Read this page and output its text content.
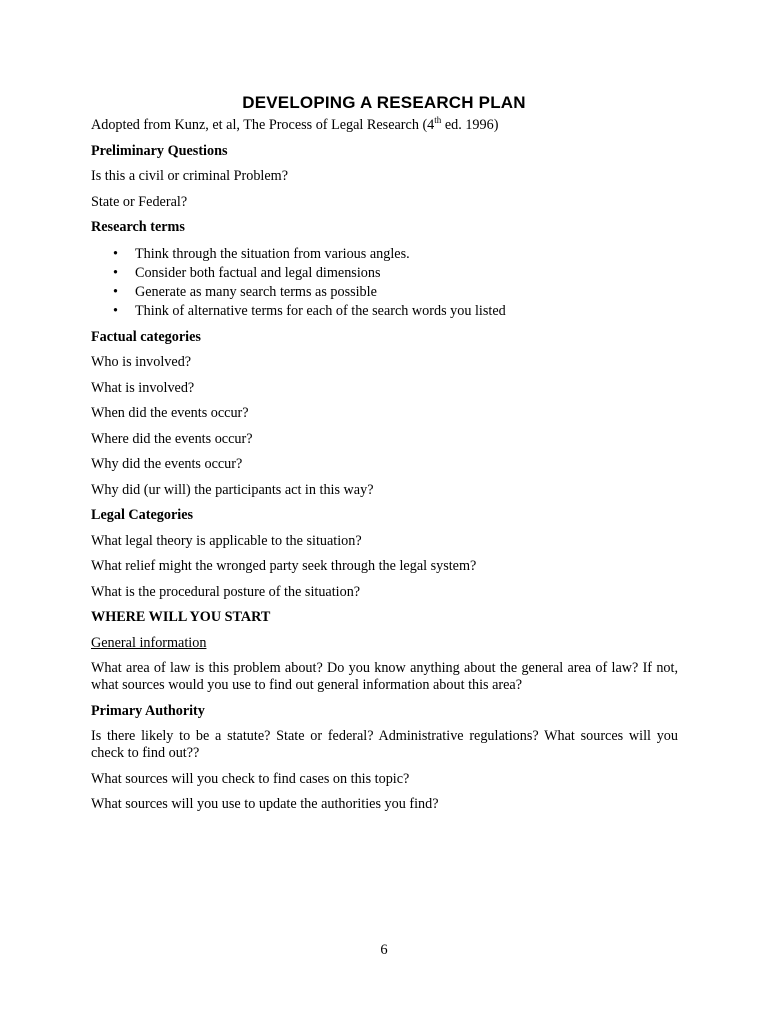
DEVELOPING A RESEARCH PLAN

Adopted from Kunz, et al, The Process of Legal Research (4th ed. 1996)

Preliminary Questions

Is this a civil or criminal Problem?

State or Federal?

Research terms

• Think through the situation from various angles.
• Consider both factual and legal dimensions
• Generate as many search terms as possible
• Think of alternative terms for each of the search words you listed

Factual categories

Who is involved?

What is involved?

When did the events occur?

Where did the events occur?

Why did the events occur?

Why did (ur will) the participants act in this way?

Legal Categories

What legal theory is applicable to the situation?

What relief might the wronged party seek through the legal system?

What is the procedural posture of the situation?

WHERE WILL YOU START

General information

What area of law is this problem about? Do you know anything about the general area of law? If not, what sources would you use to find out general information about this area?

Primary Authority

Is there likely to be a statute? State or federal? Administrative regulations? What sources will you check to find out??

What sources will you check to find cases on this topic?

What sources will you use to update the authorities you find?

6
